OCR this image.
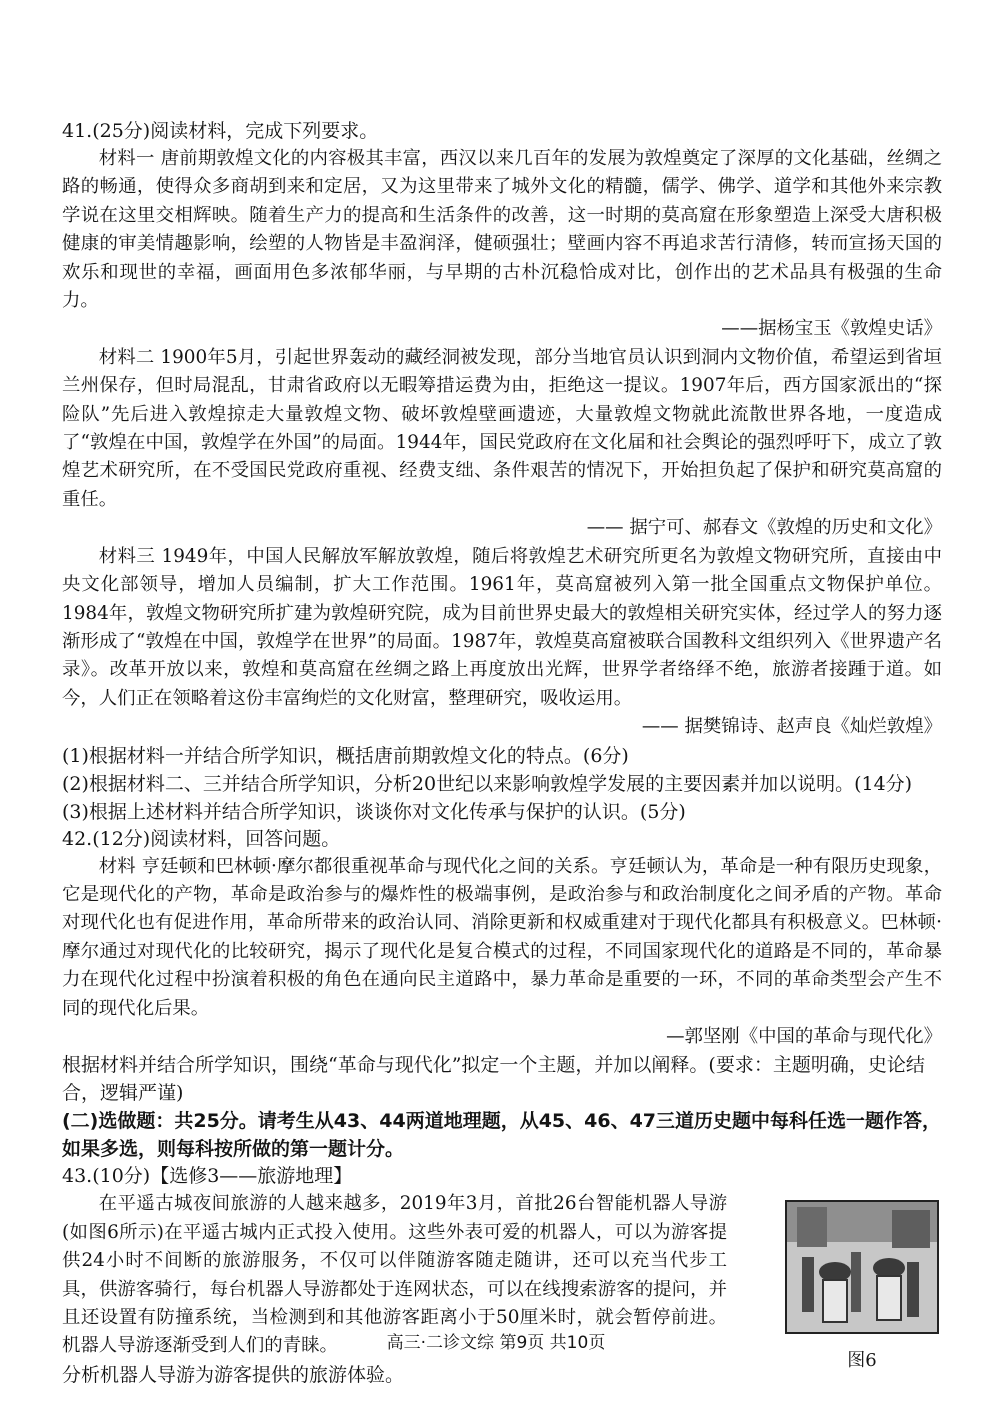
41.(25分)阅读材料，完成下列要求。

材料一 唐前期敦煌文化的内容极其丰富，西汉以来几百年的发展为敦煌奠定了深厚的文化基础，丝绸之路的畅通，使得众多商胡到来和定居，又为这里带来了城外文化的精髓，儒学、佛学、道学和其他外来宗教学说在这里交相辉映。随着生产力的提高和生活条件的改善，这一时期的莫高窟在形象塑造上深受大唐积极健康的审美情趣影响，绘塑的人物皆是丰盈润泽，健硕强壮；壁画内容不再追求苦行清修，转而宣扬天国的欢乐和现世的幸福，画面用色多浓郁华丽，与早期的古朴沉稳恰成对比，创作出的艺术品具有极强的生命力。

——据杨宝玉《敦煌史话》

材料二 1900年5月，引起世界轰动的藏经洞被发现，部分当地官员认识到洞内文物价值，希望运到省垣兰州保存，但时局混乱，甘肃省政府以无暇筹措运费为由，拒绝这一提议。1907年后，西方国家派出的“探险队”先后进入敦煌掠走大量敦煌文物、破坏敦煌壁画遗迹，大量敦煌文物就此流散世界各地，一度造成了“敦煌在中国，敦煌学在外国”的局面。1944年，国民党政府在文化届和社会舆论的强烈呼吁下，成立了敦煌艺术研究所，在不受国民党政府重视、经费支绌、条件艰苦的情况下，开始担负起了保护和研究莫高窟的重任。

—— 据宁可、郝春文《敦煌的历史和文化》

材料三 1949年，中国人民解放军解放敦煌，随后将敦煌艺术研究所更名为敦煌文物研究所，直接由中央文化部领导，增加人员编制，扩大工作范围。1961年，莫高窟被列入第一批全国重点文物保护单位。1984年，敦煌文物研究所扩建为敦煌研究院，成为目前世界史最大的敦煌相关研究实体，经过学人的努力逐渐形成了“敦煌在中国，敦煌学在世界”的局面。1987年，敦煌莫高窟被联合国教科文组织列入《世界遗产名录》。改革开放以来，敦煌和莫高窟在丝绸之路上再度放出光辉，世界学者络绎不绝，旅游者接踵于道。如今，人们正在领略着这份丰富绚烂的文化财富，整理研究，吸收运用。

—— 据樊锦诗、赵声良《灿烂敦煌》

(1)根据材料一并结合所学知识，概括唐前期敦煌文化的特点。(6分)

(2)根据材料二、三并结合所学知识，分析20世纪以来影响敦煌学发展的主要因素并加以说明。(14分)

(3)根据上述材料并结合所学知识，谈谈你对文化传承与保护的认识。(5分)

42.(12分)阅读材料，回答问题。

材料 亨廷顿和巴林顿·摩尔都很重视革命与现代化之间的关系。亨廷顿认为，革命是一种有限历史现象，它是现代化的产物，革命是政治参与的爆炸性的极端事例，是政治参与和政治制度化之间矛盾的产物。革命对现代化也有促进作用，革命所带来的政治认同、消除更新和权威重建对于现代化都具有积极意义。巴林顿·摩尔通过对现代化的比较研究，揭示了现代化是复合模式的过程，不同国家现代化的道路是不同的，革命暴力在现代化过程中扮演着积极的角色在通向民主道路中，暴力革命是重要的一环，不同的革命类型会产生不同的现代化后果。

—郭坚刚《中国的革命与现代化》

根据材料并结合所学知识，围绕“革命与现代化”拟定一个主题，并加以阐释。(要求：主题明确，史论结合，逻辑严谨)

(二)选做题：共25分。请考生从43、44两道地理题，从45、46、47三道历史题中每科任选一题作答，如果多选，则每科按所做的第一题计分。

43.(10分)【选修3——旅游地理】

在平遥古城夜间旅游的人越来越多，2019年3月，首批26台智能机器人导游(如图6所示)在平遥古城内正式投入使用。这些外表可爱的机器人，可以为游客提供24小时不间断的旅游服务，不仅可以伴随游客随走随讲，还可以充当代步工具，供游客骑行，每台机器人导游都处于连网状态，可以在线搜索游客的提问，并且还设置有防撞系统，当检测到和其他游客距离小于50厘米时，就会暂停前进。机器人导游逐渐受到人们的青睐。

分析机器人导游为游客提供的旅游体验。

图6
高三·二诊文综 第9页 共10页
